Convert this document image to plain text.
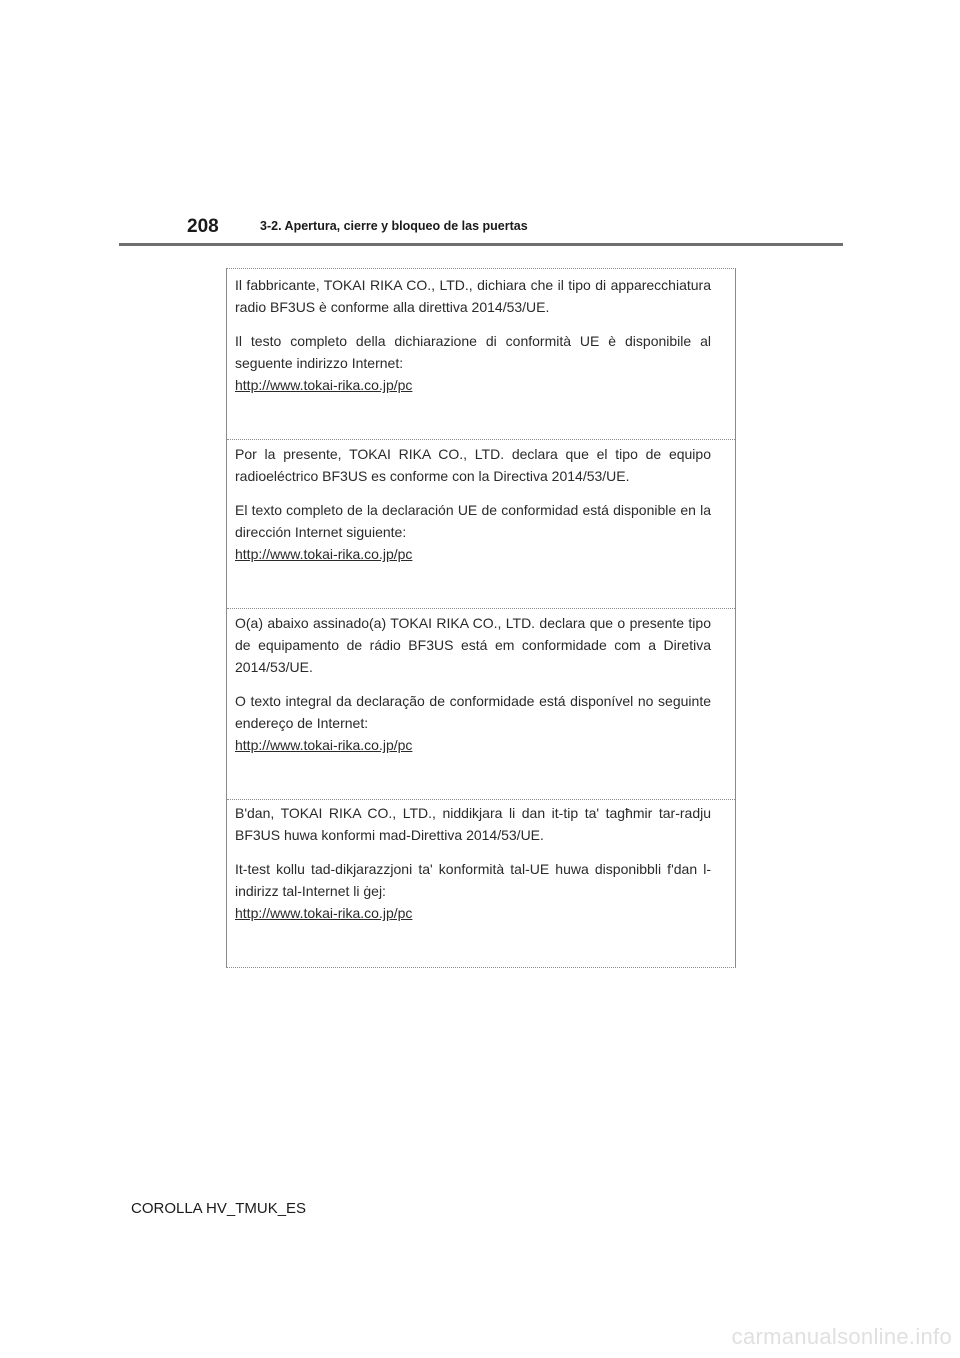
208	3-2. Apertura, cierre y bloqueo de las puertas

Il fabbricante, TOKAI RIKA CO., LTD., dichiara che il tipo di apparecchiatura radio BF3US è conforme alla direttiva 2014/53/UE.

Il testo completo della dichiarazione di conformità UE è disponibile al seguente indirizzo Internet:

http://www.tokai-rika.co.jp/pc

Por la presente, TOKAI RIKA CO., LTD. declara que el tipo de equipo radioeléctrico BF3US es conforme con la Directiva 2014/53/UE.

El texto completo de la declaración UE de conformidad está disponible en la dirección Internet siguiente:

http://www.tokai-rika.co.jp/pc

O(a) abaixo assinado(a) TOKAI RIKA CO., LTD. declara que o presente tipo de equipamento de rádio BF3US está em conformidade com a Diretiva 2014/53/UE.

O texto integral da declaração de conformidade está disponível no seguinte endereço de Internet:

http://www.tokai-rika.co.jp/pc

B'dan, TOKAI RIKA CO., LTD., niddikjara li dan it-tip ta' tagħmir tar-radju BF3US huwa konformi mad-Direttiva 2014/53/UE.

It-test kollu tad-dikjarazzjoni ta' konformità tal-UE huwa disponibbli f'dan l-indirizz tal-Internet li ġej:

http://www.tokai-rika.co.jp/pc
COROLLA HV_TMUK_ES
carmanualsonline.info
